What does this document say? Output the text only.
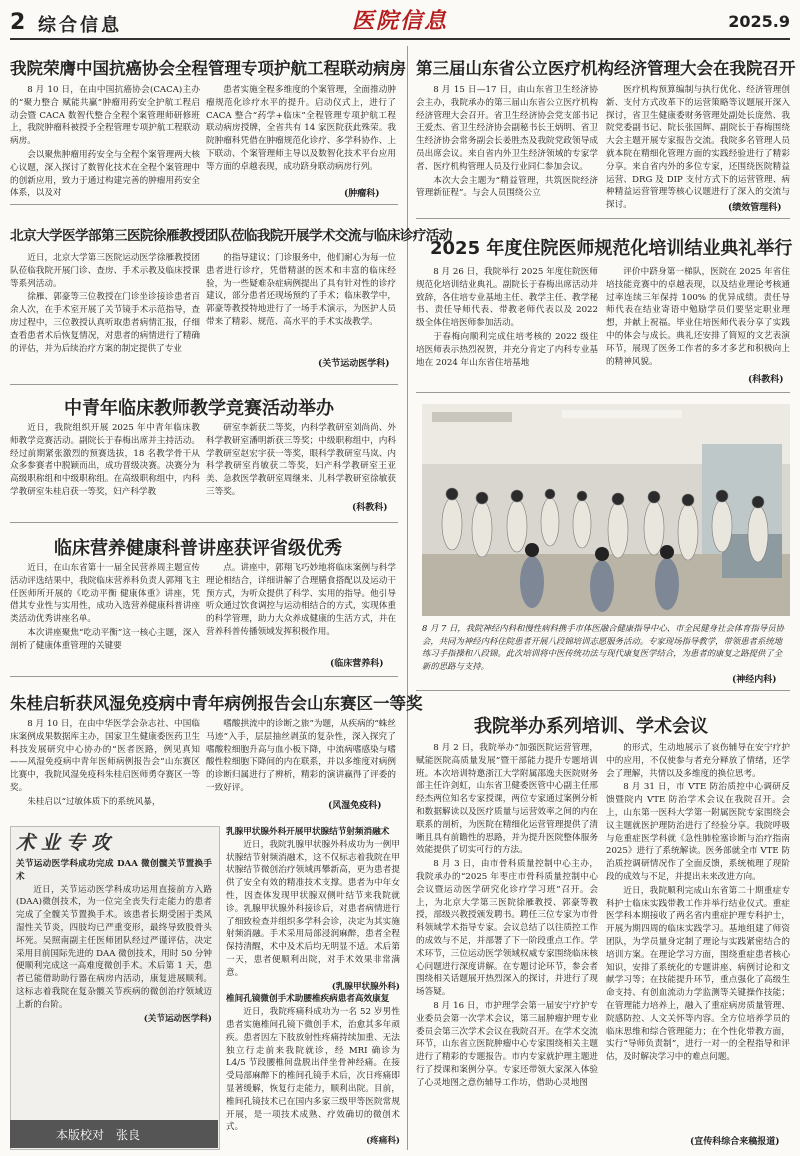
2 综合信息	医院信息	2025.9
我院荣膺中国抗癌协会全程管理专项护航工程联动病房

8 月 10 日，在由中国抗癌协会(CACA)主办的“聚力整合 赋能共赢”肿瘤用药安全护航工程启动会暨 CACA 数智代整合全程个案管理师研修班上，我院肿瘤科被授予全程管理专项护航工程联动病房。

会以聚焦肿瘤用药安全与全程个案管理两大核心议题，深入探讨了数智化技术在全程个案管理中的创新应用，致力于通过构建完善的肿瘤用药安全体系，以及对

患者实施全程多维度的个案管理，全面推动肿瘤规范化诊疗水平的提升。启动仪式上，进行了 CACA 整合“药学+临床”全程管理专项护航工程联动病房授牌，全省共有 14 家医院获此殊荣。我院肿瘤科凭借在肿瘤规范化诊疗、多学科协作、上下联动、个案管理师主导以及数智化技术平台应用等方面的卓越表现，成功跻身联动病房行列。

(肿瘤科)
第三届山东省公立医疗机构经济管理大会在我院召开

8 月 15 日—17 日，由山东省卫生经济协会主办，我院承办的第三届山东省公立医疗机构经济管理大会召开。省卫生经济协会党支部书记王爱杰、省卫生经济协会副秘书长王炳明、省卫生经济协会常务副会长姜胜杰及我院党政领导成员出席会议。来自省内外卫生经济领域的专家学者、医疗机构管理人员及行业同仁参加会议。

本次大会主题为“精益管理，共筑医院经济管理新征程”。与会人员围绕公立

医疗机构预算编制与执行优化、经济管理创新、支付方式改革下的运营策略等议题展开深入探讨，省卫生健康委财务管理处副处长庞然、我院党委副书记、院长张国辉、副院长于春梅围绕大会主题开展专家报告交流。我院多名管理人员就本院在精细化管理方面的实践经验进行了精彩分享。来自省内外的多位专家，还围绕医院精益运营、DRG 及 DIP 支付方式下的运营管理、病种精益运营管理等核心议题进行了深入的交流与探讨。	(绩效管理科)
北京大学医学部第三医院徐雁教授团队莅临我院开展学术交流与临床诊疗活动

近日，北京大学第三医院运动医学徐雁教授团队莅临我院开展门诊、查房、手术示教及临床授课等系列活动。

徐雁、郭豪等三位教授在门诊坐诊接诊患者百余人次，在手术室开展了关节镜手术示范指导，查房过程中，三位教授认真听取患者病情汇报，仔细查看患者术后恢复情况，对患者的病情进行了精确的评估，并为后续治疗方案的制定提供了专业

的指导建议；门诊服务中，他们耐心为每一位患者进行诊疗，凭借精湛的医术和丰富的临床经验，为一些疑难杂症病例提出了具有针对性的诊疗建议，部分患者还现场预约了手术；临床教学中，郭豪等教授特地进行了一场手术演示，为医护人员带来了精彩、规范、高水平的手术实战教学。

(关节运动医学科)
2025 年度住院医师规范化培训结业典礼举行

8 月 26 日，我院举行 2025 年度住院医师规范化培训结业典礼。副院长于春梅出席活动并致辞，各住培专业基地主任、教学主任、教学秘书、责任导师代表、带教老师代表以及 2022 级全体住培医师参加活动。

于春梅向顺利完成住培考核的 2022 级住培医师表示热烈祝贺，并充分肯定了内科专业基地在 2024 年山东省住培基地

评价中跻身第一梯队，医院在 2025 年省住培技能竞赛中的卓越表现，以及结业理论考核通过率连续三年保持 100% 的优异成绩。责任导师代表在结业寄语中勉励学员们要坚定职业理想，并献上祝福。毕业住培医师代表分享了实践中的体会与成长。典礼还安排了简短的文艺表演环节，展现了医务工作者的多才多艺和积极向上的精神风貌。

(科教科)
中青年临床教师教学竞赛活动举办

近日，我院组织开展 2025 年中青年临床教师教学竞赛活动。副院长于春梅出席并主持活动。经过前期紧张激烈的预赛选拔，18 名教学骨干从众多参赛者中脱颖而出，成功晋级决赛。决赛分为高级职称组和中级职称组。在高级职称组中，内科学教研室朱桂启获一等奖，妇产科学教

研室李新获二等奖，内科学教研室刘尚尚、外科学教研室潘明新获三等奖；中级职称组中，内科学教研室赵宏宇获一等奖，眼科学教研室马岚、内科学教研室肖敏获二等奖，妇产科学教研室王亚美、急救医学教研室周继来、儿科学教研室徐敏获三等奖。

(科教科)
临床营养健康科普讲座获评省级优秀

近日，在山东省第十一届全民营养周主题宣传活动评选结果中，我院临床营养科负责人郭翔飞主任医师所开展的《吃动平衡 健康体重》讲座，凭借其专业性与实用性，成功入选营养健康科普讲座类活动优秀讲座名单。

本次讲座聚焦“吃动平衡”这一核心主题，深入剖析了健康体重管理的关键要

点。讲座中，郭翔飞巧妙地将临床案例与科学理论相结合，详细讲解了合理膳食搭配以及运动干预方式，为听众提供了科学、实用的指导。他引导听众通过饮食调控与运动相结合的方式，实现体重的科学管理，助力大众养成健康的生活方式，并在营养科普传播领域发挥积极作用。

(临床营养科)
8 月 7 日，我院神经内科和慢性病科携手市体医融合健康指导中心、市全民健身社会体育指导员协会，共同为神经内科住院患者开展八段锦培训志愿服务活动。专家现场指导教学，带领患者系统地练习手指操和八段锦。此次培训将中医传统功法与现代康复医学结合，为患者的康复之路提供了全新的思路与支持。
(神经内科)
朱桂启斩获风湿免疫病中青年病例报告会山东赛区一等奖

8 月 10 日，在由中华医学会杂志社、中国临床案例成果数据库主办，国家卫生健康委医药卫生科技发展研究中心协办的“医者医路，例见真知——风湿免疫病中青年医师病例报告会”山东赛区比赛中，我院风湿免疫科朱桂启医师勇夺赛区一等奖。

朱桂启以“过敏体质下的系统风暴，

嗜酸拱流中的诊断之旅”为题，从疾病的“蛛丝马迹”入手，层层抽丝剥茧的复杂性，深入探究了嗜酸粒细胞升高与血小板下降，中流病嗜感染与嗜酸性粒细胞下降间的内在联系，并以多维度对病例的诊断归属进行了辨析，精彩的演讲赢得了评委的一致好评。

(风湿免疫科)
我院举办系列培训、学术会议

8 月 2 日，我院举办“加强医院运营管理，赋能医院高质量发展”暨干部能力提升专题培训班。本次培训特邀浙江大学附属邵逸夫医院财务部主任许剑虹，山东省卫健委医管中心副主任邢经杰两位知名专家授课，两位专家通过案例分析和数据解读以及医疗质量与运营效率之间的内在联系的剖析，为医院在精细化运营管理提供了清晰且具有前瞻性的思路，并为提升医院整体服务效能提供了切实可行的方法。

8 月 3 日，由市骨科质量控制中心主办，我院承办的“2025 年枣庄市骨科质量控制中心会议暨运动医学研究化诊疗学习班”召开。会上，为北京大学第三医院徐雁教授、郭豪等教授，部级兴教授颁发聘书。聘任三位专家为市骨科领域学术指导专家。会议总结了以往质控工作的成效与不足，并部署了下一阶段重点工作。学术环节，三位运动医学领域权威专家围绕临床核心问题进行深度讲解。在专题讨论环节，参会者围绕相关话题展开热烈深入的探讨，并进行了现场答疑。

8 月 16 日，市护理学会第一届安宁疗护专业委员会第一次学术会议，第三届肿瘤护理专业委员会第三次学术会议在我院召开。在学术交流环节，山东省立医院肿瘤中心专家围绕相关主题进行了精彩的专题报告。市内专家就护理主题进行了授课和案例分享。专家还带领大家深入体验了心灵地图之意伤辅导工作坊，借助心灵地图

的形式，生动地展示了哀伤辅导在安宁疗护中的应用，不仅使参与者充分释放了情绪，还学会了理解，共情以及多维度的换位思考。

8 月 31 日，市 VTE 防治质控中心调研反馈暨院内 VTE 防治学术会议在我院召开。会上，山东第一医科大学第一附属医院专家围绕会议主题就医护理防治进行了经验分享。我院呼吸与危重症医学科就《急性肺栓塞诊断与治疗指南 2025》进行了系统解读。医务部就全市 VTE 防治质控调研情况作了全面反馈，系统梳理了现阶段的成效与不足，并提出未来改进方向。

近日，我院顺利完成山东省第二十期重症专科护士临床实践带教工作并举行结业仪式。重症医学科本期接收了两名省内重症护理专科护士，开展为期四周的临床实践学习。基地组建了师资团队，为学员量身定制了理论与实践紧密结合的培训方案。在理论学习方面，围绕重症患者核心知识，安排了系统化的专题讲座、病例讨论和文献学习等；在技能提升环节，重点强化了高级生命支持、有创血流动力学监测等关键操作技能；在管理能力培养上，融入了重症病房质量管理、院感防控、人文关怀等内容。全方位培养学员的临床思维和综合管理能力；在个性化带教方面，实行“导师负责制”，进行一对一的全程指导和评估，及时解决学习中的难点问题。

(宣传科综合来稿报道)
术业专攻
关节运动医学科成功完成 DAA 微创髋关节置换手术

近日，关节运动医学科成功运用直接前方入路(DAA)微创技术，为一位完全丧失行走能力的患者完成了全髋关节置换手术。该患者长期受困于类风湿性关节炎，四肢均已严重变形，最终导致股骨头坏死。吴照南副主任医师团队经过严谨评估，决定采用目前国际先进的 DAA 微创技术，用时 50 分钟便顺利完成这一高难度微创手术。术后第 1 天，患者已能借助助行器在病房内活动，康复进展顺利。这标志着我院在复杂髋关节疾病的微创治疗领域迈上新的台阶。

(关节运动医学科)
乳腺甲状腺外科开展甲状腺结节射频消融术

近日，我院乳腺甲状腺外科成功为一例甲状腺结节射频消融术，这不仅标志着我院在甲状腺结节微创治疗领域再攀新高，更为患者提供了安全有效的精准技术支撑。患者为中年女性，因查体发现甲状腺双侧叶结节来我院就诊。乳腺甲状腺外科接诊后，对患者病情进行了细致检查并组织多学科会诊，决定为其实施射频消融。手术采用局部浸润麻醉，患者全程保持清醒，术中及术后均无明显不适。术后第一天，患者便顺利出院，对手术效果非常满意。

(乳腺甲状腺外科)
椎间孔镜微创手术助腰椎疾病患者高效康复

近日，我院疼痛科成功为一名 52 岁男性患者实施椎间孔镜下微创手术，治愈其多年顽疾。患者因左下肢放射性疼痛持续加重、无法独立行走前来我院就诊，经 MRI 确诊为 L4/5 节段腰椎间盘脱出伴坐骨神经痛。在接受局部麻醉下的椎间孔镜手术后，次日疼痛即显著缓解，恢复行走能力，顺利出院。目前，椎间孔镜技术已在国内多家三级甲等医院常规开展，是一项技术成熟、疗效确切的微创术式。

(疼痛科)
本版校对　张良
